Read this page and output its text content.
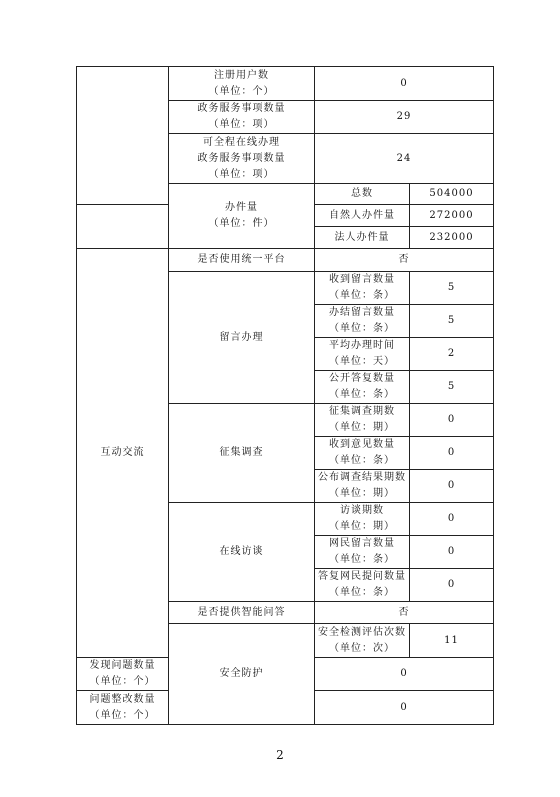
	注册用户数
（单位：个）	0	

	政务服务事项数量
（单位：项）	29	

	可全程在线办理
政务服务事项数量
（单位：项）	24	

	办件量
（单位：件）	总数	504000
		自然人办件量	272000
		法人办件量	232000
互动交流	是否使用统一平台	否	
	留言办理	收到留言数量
（单位：条）	5

		办结留言数量
（单位：条）	5

		平均办理时间
（单位：天）	2

		公开答复数量
（单位：条）	5
	征集调查	征集调查期数
（单位：期）	0

		收到意见数量
（单位：条）	0

		公布调查结果期数
（单位：期）	0
	在线访谈	访谈期数
（单位：期）	0

		网民留言数量
（单位：条）	0

		答复网民提问数量
（单位：条）	0
	是否提供智能问答	否	
	安全防护	安全检测评估次数
（单位：次）	11

发现问题数量
（单位：个）		0	

问题整改数量
（单位：个）		0	
2
